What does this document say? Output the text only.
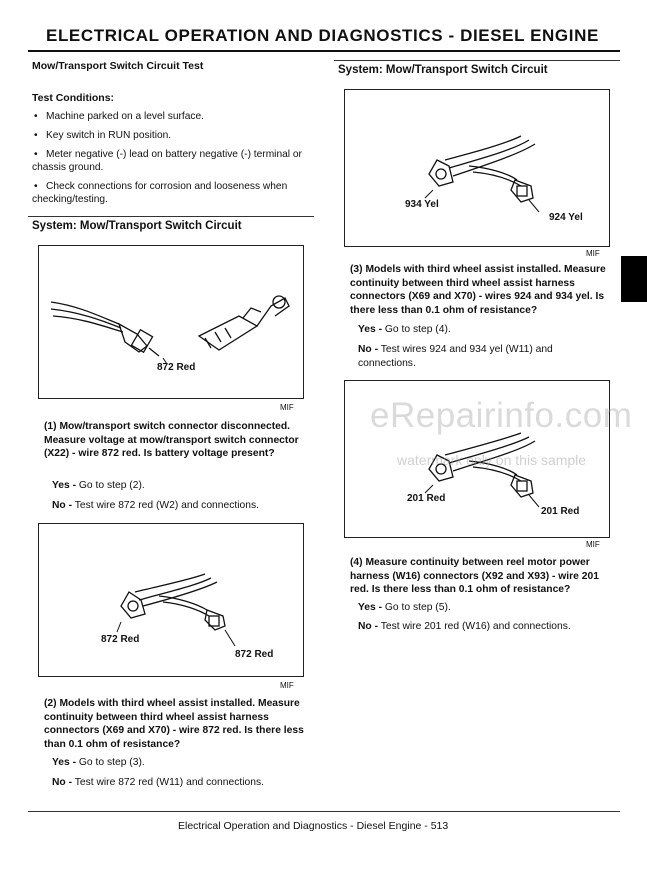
ELECTRICAL OPERATION AND DIAGNOSTICS - DIESEL ENGINE
Mow/Transport Switch Circuit Test
Test Conditions:
• Machine parked on a level surface.
• Key switch in RUN position.
• Meter negative (-) lead on battery negative (-) terminal or chassis ground.
• Check connections for corrosion and looseness when checking/testing.
System: Mow/Transport Switch Circuit
872 Red
MIF
(1) Mow/transport switch connector disconnected. Measure voltage at mow/transport switch connector (X22) - wire 872 red. Is battery voltage present?
Yes - Go to step (2).
No - Test wire 872 red (W2) and connections.
872 Red
872 Red
MIF
(2) Models with third wheel assist installed. Measure continuity between third wheel assist harness connectors (X69 and X70) - wire 872 red. Is there less than 0.1 ohm of resistance?
Yes - Go to step (3).
No - Test wire 872 red (W11) and connections.
System: Mow/Transport Switch Circuit
934 Yel
924 Yel
MIF
(3) Models with third wheel assist installed. Measure continuity between third wheel assist harness connectors (X69 and X70) - wires 924 and 934 yel. Is there less than 0.1 ohm of resistance?
Yes - Go to step (4).
No - Test wires 924 and 934 yel (W11) and connections.
201 Red
201 Red
MIF
(4) Measure continuity between reel motor power harness (W16) connectors (X92 and X93) - wire 201 red. Is there less than 0.1 ohm of resistance?
Yes - Go to step (5).
No - Test wire 201 red (W16) and connections.
eRepairinfo.com
watermark only on this sample
Electrical Operation and Diagnostics - Diesel Engine - 513
